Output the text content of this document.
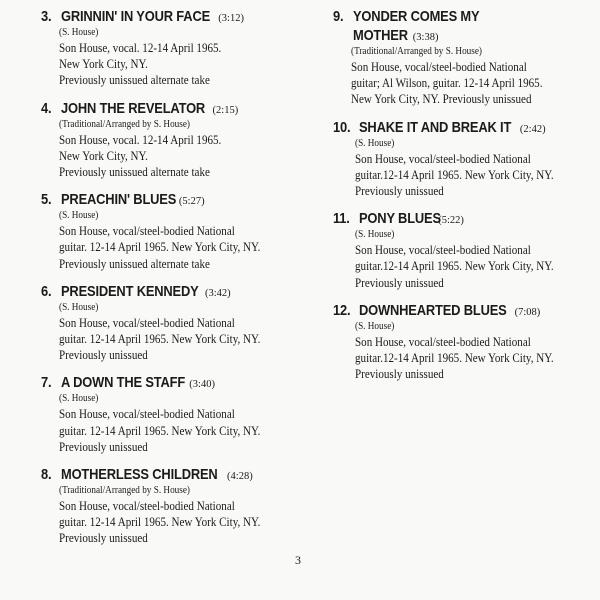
3. GRINNIN' IN YOUR FACE (3:12)
(S. House)
Son House, vocal. 12-14 April 1965.
New York City, NY.
Previously unissued alternate take
4. JOHN THE REVELATOR (2:15)
(Traditional/Arranged by S. House)
Son House, vocal. 12-14 April 1965.
New York City, NY.
Previously unissued alternate take
5. PREACHIN' BLUES (5:27)
(S. House)
Son House, vocal/steel-bodied National
guitar. 12-14 April 1965. New York City, NY.
Previously unissued alternate take
6. PRESIDENT KENNEDY (3:42)
(S. House)
Son House, vocal/steel-bodied National
guitar. 12-14 April 1965. New York City, NY.
Previously unissued
7. A DOWN THE STAFF (3:40)
(S. House)
Son House, vocal/steel-bodied National
guitar. 12-14 April 1965. New York City, NY.
Previously unissued
8. MOTHERLESS CHILDREN (4:28)
(Traditional/Arranged by S. House)
Son House, vocal/steel-bodied National
guitar. 12-14 April 1965. New York City, NY.
Previously unissued
9. YONDER COMES MY
MOTHER (3:38)
(Traditional/Arranged by S. House)
Son House, vocal/steel-bodied National
guitar; Al Wilson, guitar. 12-14 April 1965.
New York City, NY. Previously unissued
10. SHAKE IT AND BREAK IT (2:42)
(S. House)
Son House, vocal/steel-bodied National
guitar.12-14 April 1965. New York City, NY.
Previously unissued
11. PONY BLUES
(5:22)
(S. House)
Son House, vocal/steel-bodied National
guitar.12-14 April 1965. New York City, NY.
Previously unissued
12. DOWNHEARTED BLUES (7:08)
(S. House)
Son House, vocal/steel-bodied National
guitar.12-14 April 1965. New York City, NY.
Previously unissued
3
